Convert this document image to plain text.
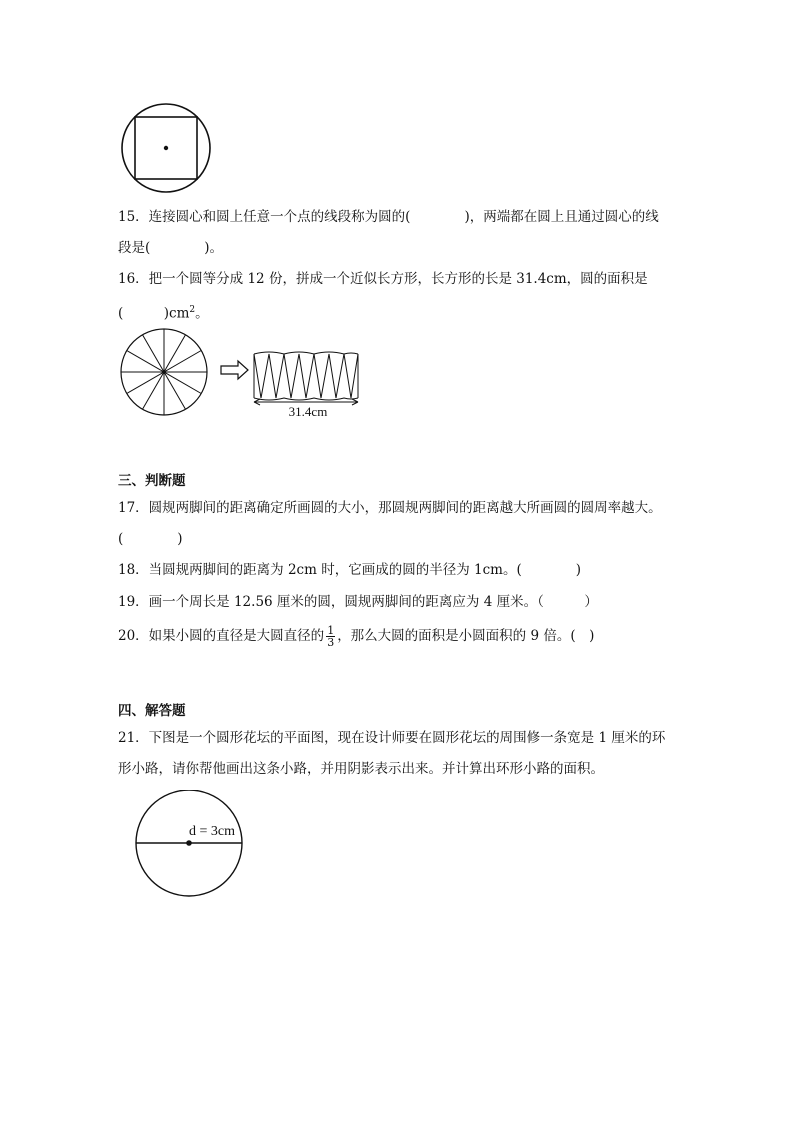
15．连接圆心和圆上任意一个点的线段称为圆的(　　　　)，两端都在圆上且通过圆心的线
段是(　　　　)。
16．把一个圆等分成 12 份，拼成一个近似长方形，长方形的长是 31.4cm，圆的面积是
(　　　)$cm^2$。
31.4cm
三、判断题
17．圆规两脚间的距离确定所画圆的大小，那圆规两脚间的距离越大所画圆的圆周率越大。
(　　　　)
18．当圆规两脚间的距离为 2cm 时，它画成的圆的半径为 1cm。(　　　　)
19．画一个周长是 12.56 厘米的圆，圆规两脚间的距离应为 4 厘米。（　　　）
20．如果小圆的直径是大圆直径的 $\frac{1}{3}$ ，那么大圆的面积是小圆面积的 9 倍。(　)
四、解答题
21．下图是一个圆形花坛的平面图，现在设计师要在圆形花坛的周围修一条宽是 1 厘米的环
形小路，请你帮他画出这条小路，并用阴影表示出来。并计算出环形小路的面积。
d = 3cm
